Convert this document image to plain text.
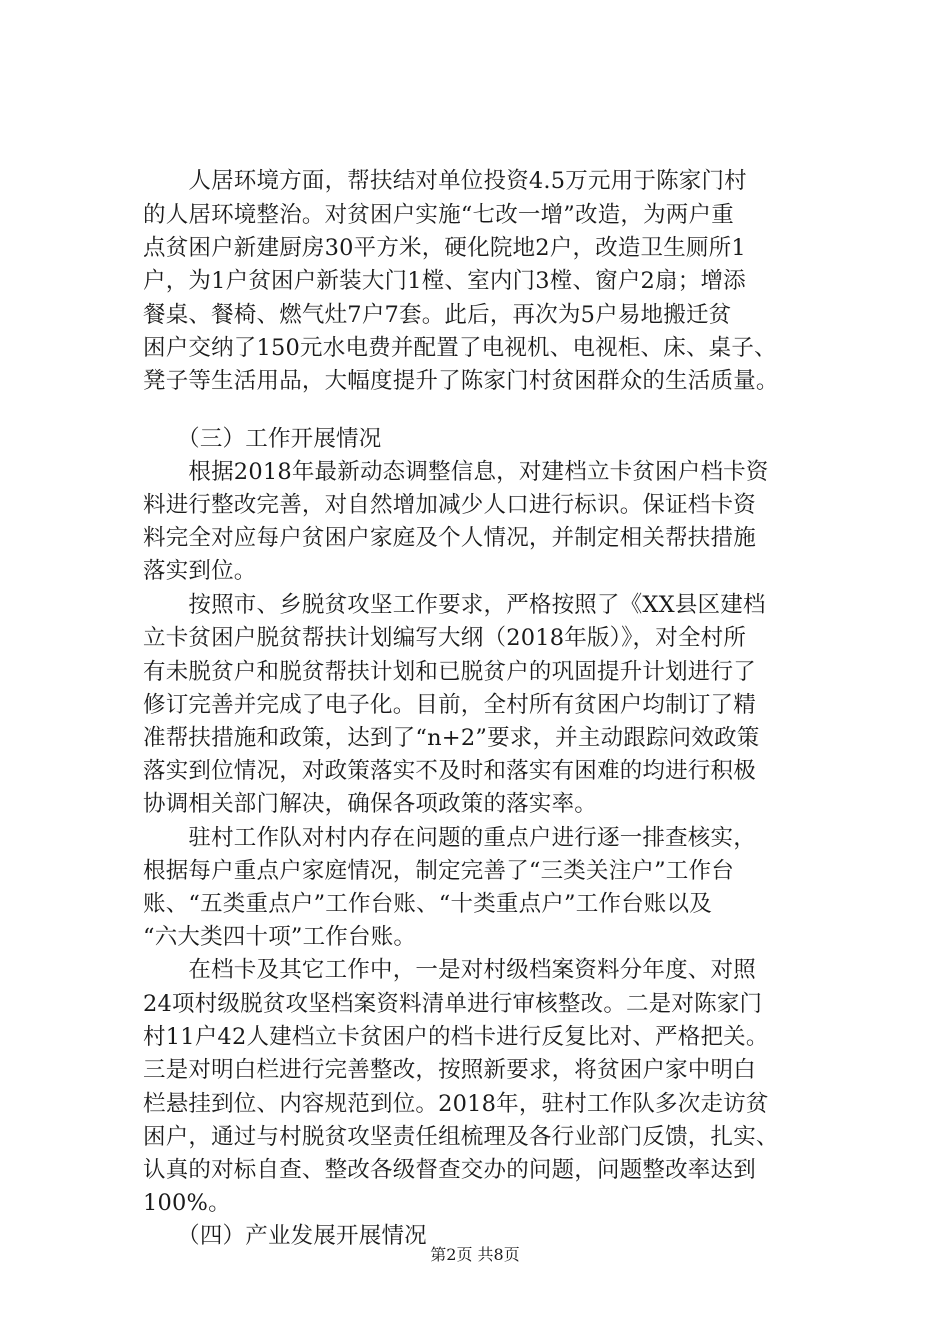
　　人居环境方面，帮扶结对单位投资4.5万元用于陈家门村
的人居环境整治。对贫困户实施“七改一增”改造，为两户重
点贫困户新建厨房30平方米，硬化院地2户，改造卫生厕所1
户，为1户贫困户新装大门1樘、室内门3樘、窗户2扇；增添
餐桌、餐椅、燃气灶7户7套。此后，再次为5户易地搬迁贫
困户交纳了150元水电费并配置了电视机、电视柜、床、桌子、
凳子等生活用品，大幅度提升了陈家门村贫困群众的生活质量。
　　（三）工作开展情况
　　根据2018年最新动态调整信息，对建档立卡贫困户档卡资
料进行整改完善，对自然增加减少人口进行标识。保证档卡资
料完全对应每户贫困户家庭及个人情况，并制定相关帮扶措施
落实到位。
　　按照市、乡脱贫攻坚工作要求，严格按照了《XX县区建档
立卡贫困户脱贫帮扶计划编写大纲（2018年版）》，对全村所
有未脱贫户和脱贫帮扶计划和已脱贫户的巩固提升计划进行了
修订完善并完成了电子化。目前，全村所有贫困户均制订了精
准帮扶措施和政策，达到了“n+2”要求，并主动跟踪问效政策
落实到位情况，对政策落实不及时和落实有困难的均进行积极
协调相关部门解决，确保各项政策的落实率。
　　驻村工作队对村内存在问题的重点户进行逐一排查核实，
根据每户重点户家庭情况，制定完善了“三类关注户”工作台
账、“五类重点户”工作台账、“十类重点户”工作台账以及
“六大类四十项”工作台账。
　　在档卡及其它工作中，一是对村级档案资料分年度、对照
24项村级脱贫攻坚档案资料清单进行审核整改。二是对陈家门
村11户42人建档立卡贫困户的档卡进行反复比对、严格把关。
三是对明白栏进行完善整改，按照新要求，将贫困户家中明白
栏悬挂到位、内容规范到位。2018年，驻村工作队多次走访贫
困户，通过与村脱贫攻坚责任组梳理及各行业部门反馈，扎实、
认真的对标自查、整改各级督查交办的问题，问题整改率达到
100%。
　　（四）产业发展开展情况
第2页 共8页
